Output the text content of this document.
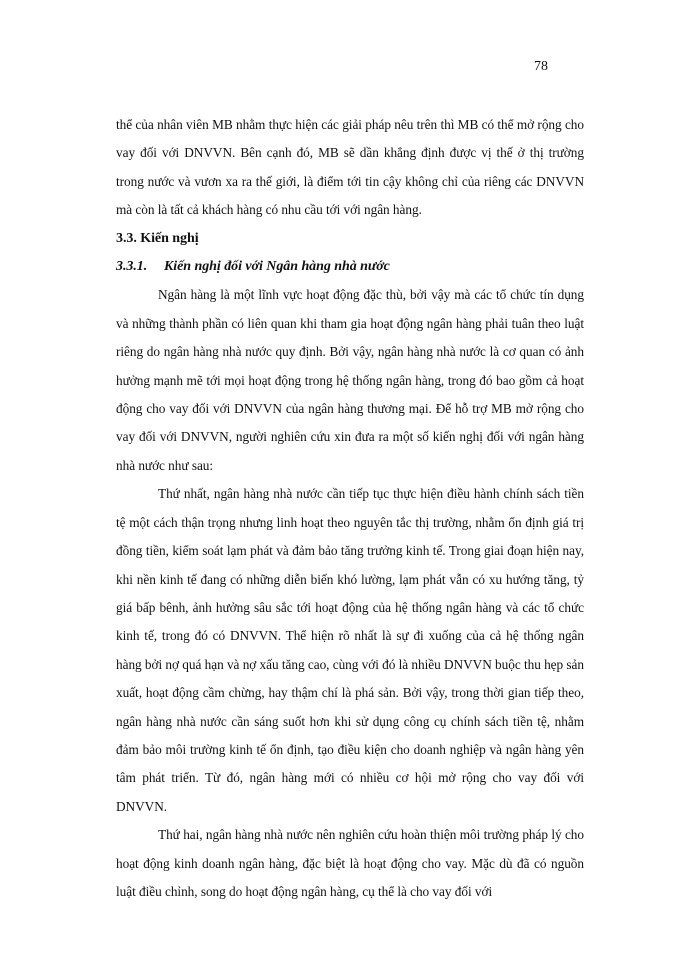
78

thể của nhân viên MB nhằm thực hiện các giải pháp nêu trên thì MB có thể mở rộng cho vay đối với DNVVN. Bên cạnh đó, MB sẽ dần khẳng định được vị thế ở thị trường trong nước và vươn xa ra thế giới, là điểm tới tin cậy không chỉ của riêng các DNVVN mà còn là tất cả khách hàng có nhu cầu tới với ngân hàng.

3.3. Kiến nghị

3.3.1. Kiến nghị đối với Ngân hàng nhà nước

Ngân hàng là một lĩnh vực hoạt động đặc thù, bởi vậy mà các tổ chức tín dụng và những thành phần có liên quan khi tham gia hoạt động ngân hàng phải tuân theo luật riêng do ngân hàng nhà nước quy định. Bởi vậy, ngân hàng nhà nước là cơ quan có ảnh hưởng mạnh mẽ tới mọi hoạt động trong hệ thống ngân hàng, trong đó bao gồm cả hoạt động cho vay đối với DNVVN của ngân hàng thương mại. Để hỗ trợ MB mở rộng cho vay đối với DNVVN, người nghiên cứu xin đưa ra một số kiến nghị đối với ngân hàng nhà nước như sau:

Thứ nhất, ngân hàng nhà nước cần tiếp tục thực hiện điều hành chính sách tiền tệ một cách thận trọng nhưng linh hoạt theo nguyên tắc thị trường, nhằm ổn định giá trị đồng tiền, kiểm soát lạm phát và đảm bảo tăng trưởng kinh tế. Trong giai đoạn hiện nay, khi nền kinh tế đang có những diễn biến khó lường, lạm phát vẫn có xu hướng tăng, tỷ giá bấp bênh, ảnh hưởng sâu sắc tới hoạt động của hệ thống ngân hàng và các tổ chức kinh tế, trong đó có DNVVN. Thể hiện rõ nhất là sự đi xuống của cả hệ thống ngân hàng bởi nợ quá hạn và nợ xấu tăng cao, cùng với đó là nhiều DNVVN buộc thu hẹp sản xuất, hoạt động cầm chừng, hay thậm chí là phá sản. Bởi vậy, trong thời gian tiếp theo, ngân hàng nhà nước cần sáng suốt hơn khi sử dụng công cụ chính sách tiền tệ, nhằm đảm bảo môi trường kinh tế ổn định, tạo điều kiện cho doanh nghiệp và ngân hàng yên tâm phát triển. Từ đó, ngân hàng mới có nhiều cơ hội mở rộng cho vay đối với DNVVN.

Thứ hai, ngân hàng nhà nước nên nghiên cứu hoàn thiện môi trường pháp lý cho hoạt động kinh doanh ngân hàng, đặc biệt là hoạt động cho vay. Mặc dù đã có nguồn luật điều chỉnh, song do hoạt động ngân hàng, cụ thể là cho vay đối với
